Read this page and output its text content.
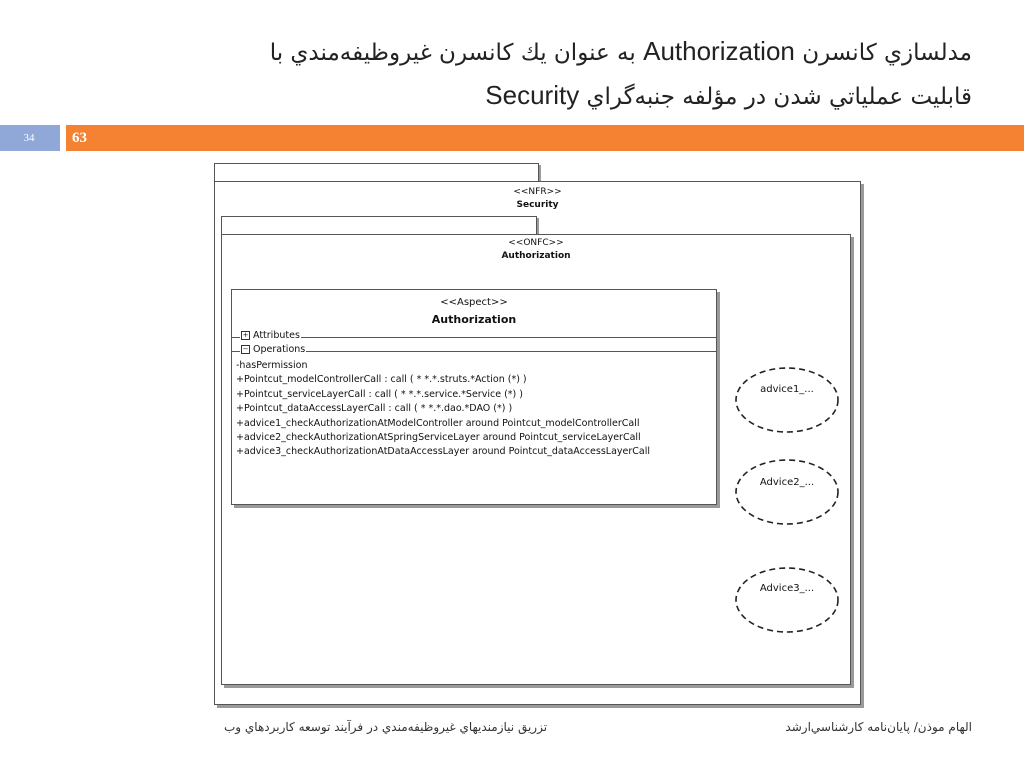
مدلسازي كانسرن Authorization به عنوان يك كانسرن غيروظيفه‌مندي با
قابليت عملياتي شدن در مؤلفه جنبه‌گراي Security
34	63
<<NFR>>
Security
<<ONFC>>
Authorization
<<Aspect>>
Authorization
+ Attributes
− Operations
-hasPermission
+Pointcut_modelControllerCall : call ( * *.*.struts.*Action (*) )
+Pointcut_serviceLayerCall : call ( * *.*.service.*Service (*) )
+Pointcut_dataAccessLayerCall : call ( * *.*.dao.*DAO (*) )
+advice1_checkAuthorizationAtModelController around Pointcut_modelControllerCall
+advice2_checkAuthorizationAtSpringServiceLayer around Pointcut_serviceLayerCall
+advice3_checkAuthorizationAtDataAccessLayer around Pointcut_dataAccessLayerCall
advice1_...
Advice2_...
Advice3_...
تزريق نيازمنديهاي غيروظيفه‌مندي در فرآيند توسعه كاربردهاي وب	الهام موذن/ پايان‌نامه كارشناسي‌ارشد
